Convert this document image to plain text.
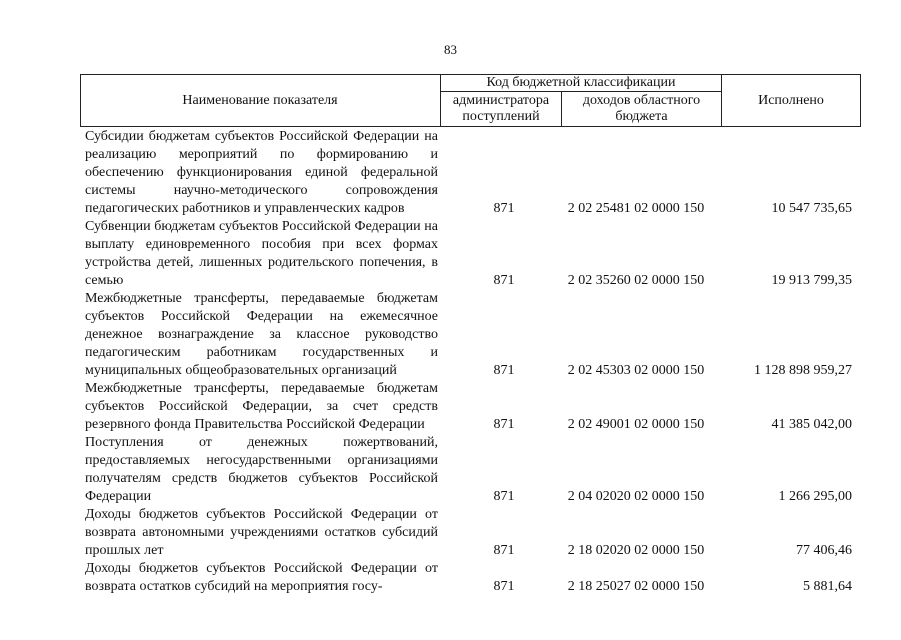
83
Наименование показателя
Код бюджетной классификации
администратора поступлений
доходов областного бюджета
Исполнено
Субсидии бюджетам субъектов Российской Федерации на реализацию мероприятий по формированию и обеспечению функционирования единой федеральной системы научно-методического сопровождения педагогических работников и управленческих кадров	871	2 02 25481 02 0000 150	10 547 735,65
Субвенции бюджетам субъектов Российской Федерации на выплату единовременного пособия при всех формах устройства детей, лишенных родительского попечения, в семью	871	2 02 35260 02 0000 150	19 913 799,35
Межбюджетные трансферты, передаваемые бюджетам субъектов Российской Федерации на ежемесячное денежное вознаграждение за классное руководство педагогическим работникам государственных и муниципальных общеобразовательных организаций	871	2 02 45303 02 0000 150	1 128 898 959,27
Межбюджетные трансферты, передаваемые бюджетам субъектов Российской Федерации, за счет средств резервного фонда Правительства Российской Федерации	871	2 02 49001 02 0000 150	41 385 042,00
Поступления от денежных пожертвований, предоставляемых негосударственными организациями получателям средств бюджетов субъектов Российской Федерации	871	2 04 02020 02 0000 150	1 266 295,00
Доходы бюджетов субъектов Российской Федерации от возврата автономными учреждениями остатков субсидий прошлых лет	871	2 18 02020 02 0000 150	77 406,46
Доходы бюджетов субъектов Российской Федерации от возврата остатков субсидий на мероприятия госу-	871	2 18 25027 02 0000 150	5 881,64
